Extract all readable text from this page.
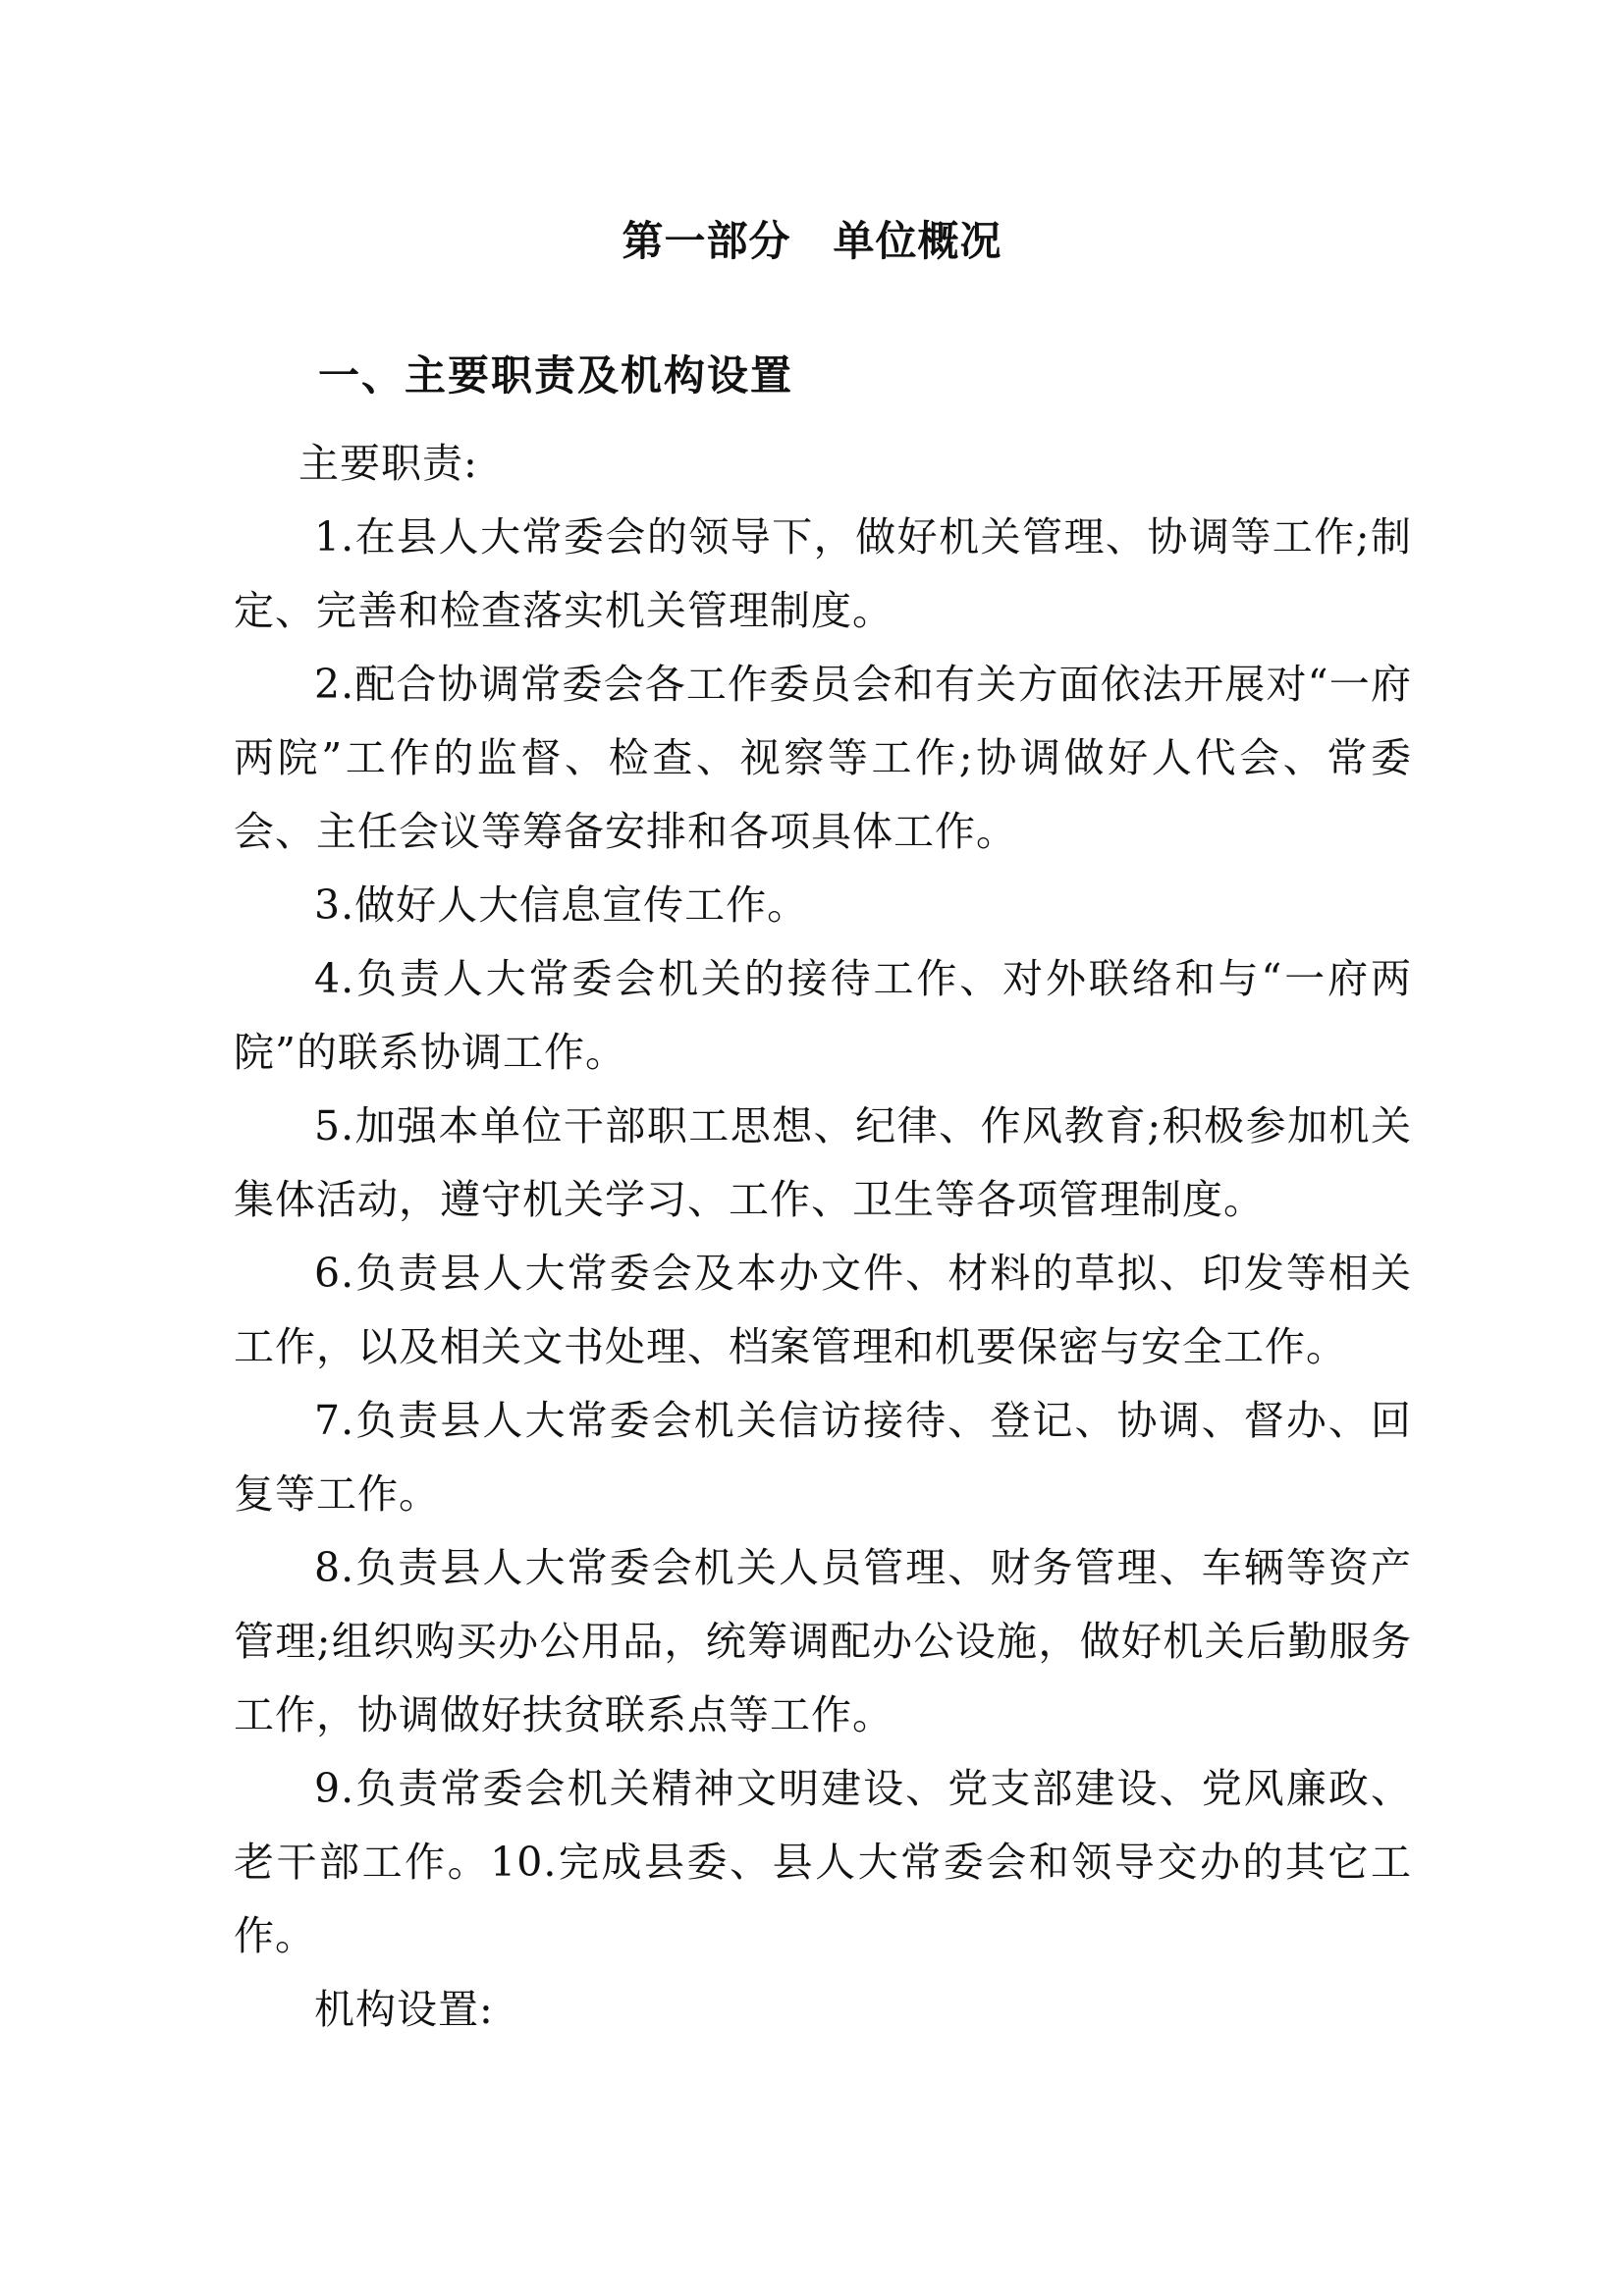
第一部分　单位概况
一、主要职责及机构设置

主要职责:

1.在县人大常委会的领导下，做好机关管理、协调等工作;制定、完善和检查落实机关管理制度。

2.配合协调常委会各工作委员会和有关方面依法开展对“一府两院”工作的监督、检查、视察等工作;协调做好人代会、常委会、主任会议等筹备安排和各项具体工作。

3.做好人大信息宣传工作。

4.负责人大常委会机关的接待工作、对外联络和与“一府两院”的联系协调工作。

5.加强本单位干部职工思想、纪律、作风教育;积极参加机关集体活动，遵守机关学习、工作、卫生等各项管理制度。

6.负责县人大常委会及本办文件、材料的草拟、印发等相关工作，以及相关文书处理、档案管理和机要保密与安全工作。

7.负责县人大常委会机关信访接待、登记、协调、督办、回复等工作。

8.负责县人大常委会机关人员管理、财务管理、车辆等资产管理;组织购买办公用品，统筹调配办公设施，做好机关后勤服务工作，协调做好扶贫联系点等工作。

9.负责常委会机关精神文明建设、党支部建设、党风廉政、老干部工作。10.完成县委、县人大常委会和领导交办的其它工作。

机构设置:
